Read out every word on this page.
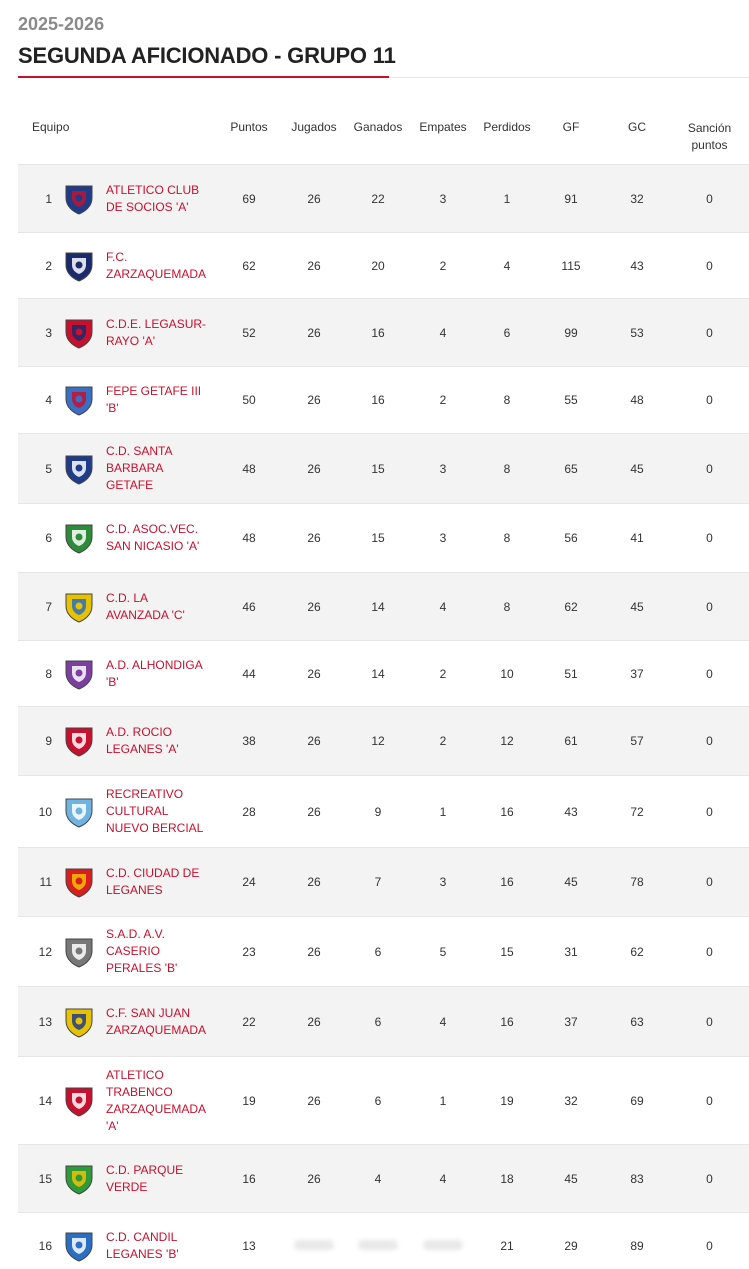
2025-2026
SEGUNDA AFICIONADO - GRUPO 11
Equipo	Puntos	Jugados	Ganados	Empates	Perdidos	GF	GC	Sanción puntos

1
ATLETICO CLUB DE SOCIOS 'A'	69	26	22	3	1	91	32	0

2
F.C. ZARZAQUEMADA	62	26	20	2	4	115	43	0

3
C.D.E. LEGASUR-RAYO 'A'	52	26	16	4	6	99	53	0

4
FEPE GETAFE III 'B'	50	26	16	2	8	55	48	0

5
C.D. SANTA BARBARA GETAFE	48	26	15	3	8	65	45	0

6
C.D. ASOC.VEC. SAN NICASIO 'A'	48	26	15	3	8	56	41	0

7
C.D. LA AVANZADA 'C'	46	26	14	4	8	62	45	0

8
A.D. ALHONDIGA 'B'	44	26	14	2	10	51	37	0

9
A.D. ROCIO LEGANES 'A'	38	26	12	2	12	61	57	0

10
RECREATIVO CULTURAL NUEVO BERCIAL	28	26	9	1	16	43	72	0

11
C.D. CIUDAD DE LEGANES	24	26	7	3	16	45	78	0

12
S.A.D. A.V. CASERIO PERALES 'B'	23	26	6	5	15	31	62	0

13
C.F. SAN JUAN ZARZAQUEMADA	22	26	6	4	16	37	63	0

14
ATLETICO TRABENCO ZARZAQUEMADA 'A'	19	26	6	1	19	32	69	0

15
C.D. PARQUE VERDE	16	26	4	4	18	45	83	0

16
C.D. CANDIL LEGANES 'B'	13				21	29	89	0
